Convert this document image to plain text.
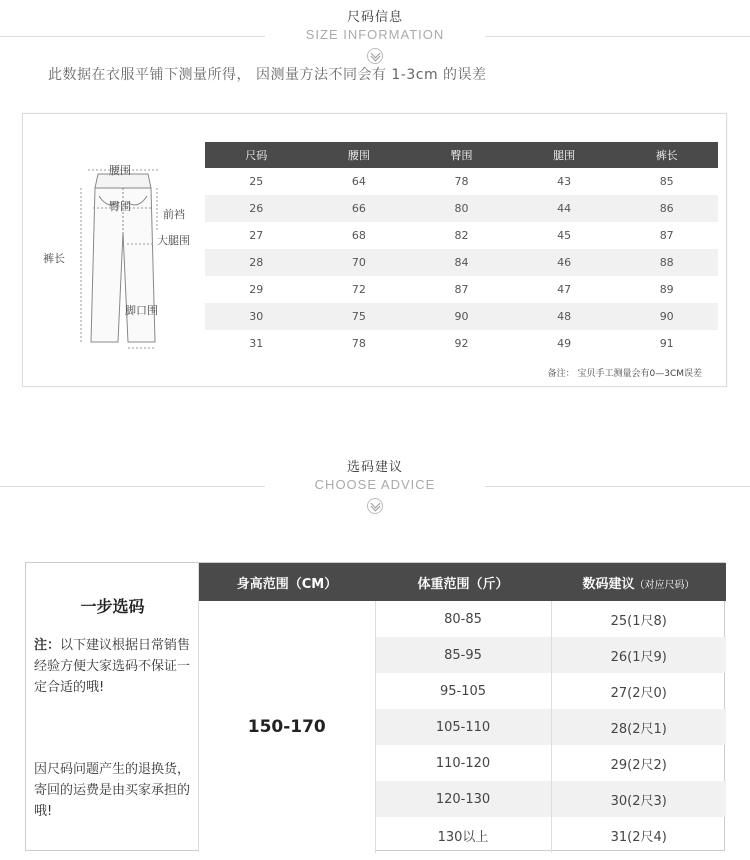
尺码信息
SIZE INFORMATION
此数据在衣服平铺下测量所得， 因测量方法不同会有 1-3cm 的误差
腰围
臀围
前裆
大腿围
裤长
脚口围
尺码	腰围	臀围	腿围	裤长
25	64	78	43	85
26	66	80	44	86
27	68	82	45	87
28	70	84	46	88
29	72	87	47	89
30	75	90	48	90
31	78	92	49	91
备注： 宝贝手工测量会有0—3CM误差
选码建议
CHOOSE ADVICE
一步选码
注：以下建议根据日常销售经验方便大家选码不保证一定合适的哦!
因尺码问题产生的退换货，寄回的运费是由买家承担的哦!
身高范围（CM）	体重范围（斤）	数码建议（对应尺码）
150-170	80-85	25(1尺8)
	85-95	26(1尺9)
	95-105	27(2尺0)
	105-110	28(2尺1)
	110-120	29(2尺2)
	120-130	30(2尺3)
	130以上	31(2尺4)
